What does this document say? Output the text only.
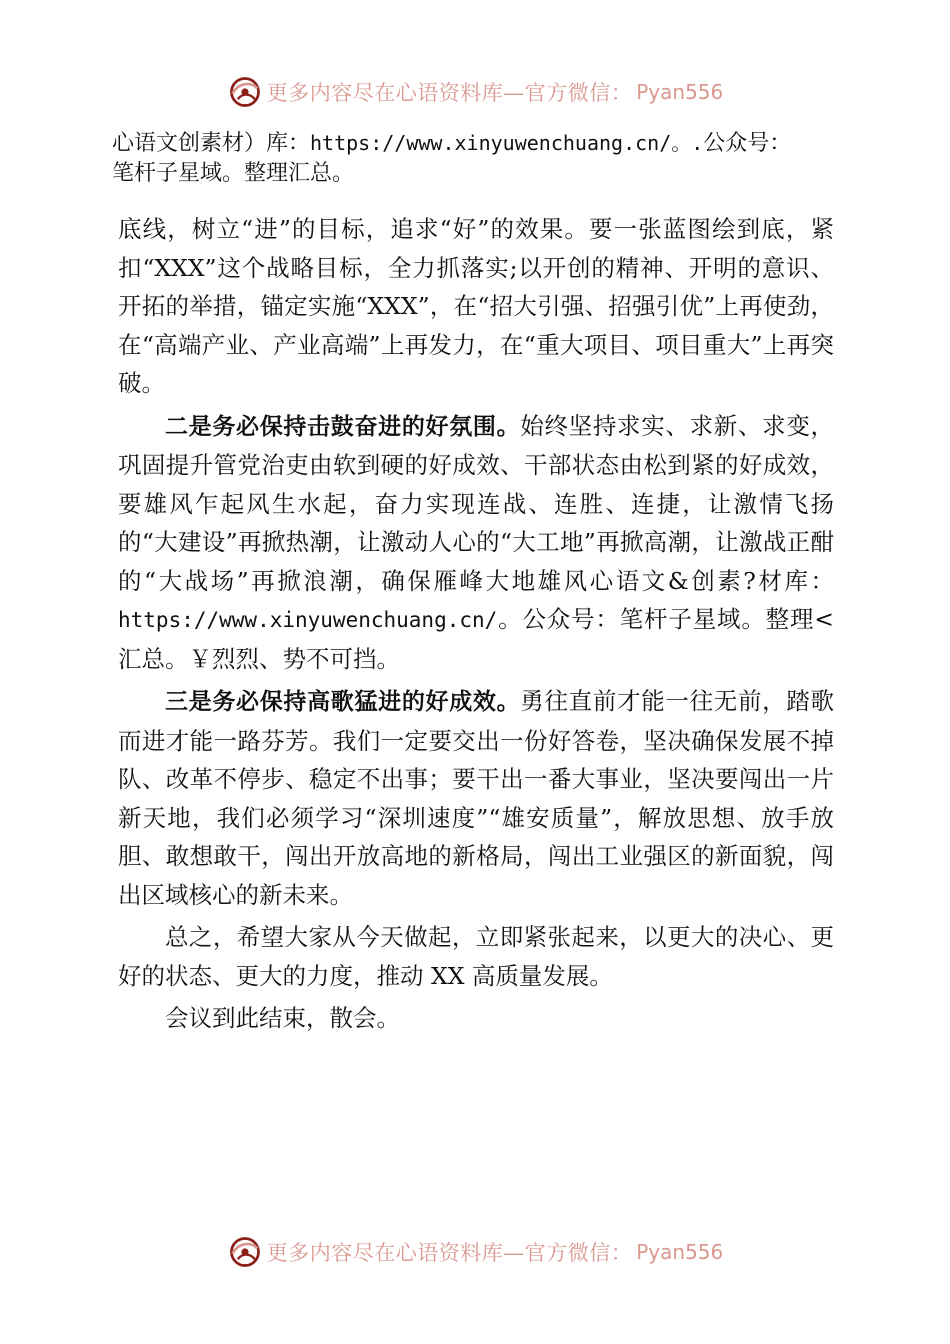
更多内容尽在心语资料库—官方微信： Pyan556
心语文创素材）库：https://www.xinyuwenchuang.cn/。.公众号：
笔杆子星域。整理汇总。

底线，树立“进”的目标，追求“好”的效果。要一张蓝图绘到底，紧扣“XXX”这个战略目标，全力抓落实;以开创的精神、开明的意识、开拓的举措，锚定实施“XXX”，在“招大引强、招强引优”上再使劲，在“高端产业、产业高端”上再发力，在“重大项目、项目重大”上再突破。

二是务必保持击鼓奋进的好氛围。始终坚持求实、求新、求变，巩固提升管党治吏由软到硬的好成效、干部状态由松到紧的好成效，要雄风乍起风生水起，奋力实现连战、连胜、连捷，让激情飞扬的“大建设”再掀热潮，让激动人心的“大工地”再掀高潮，让激战正酣的“大战场”再掀浪潮，确保雁峰大地雄风心语文&创素?材库：https://www.xinyuwenchuang.cn/。公众号：笔杆子星域。整理<汇总。￥烈烈、势不可挡。

三是务必保持高歌猛进的好成效。勇往直前才能一往无前，踏歌而进才能一路芬芳。我们一定要交出一份好答卷，坚决确保发展不掉队、改革不停步、稳定不出事；要干出一番大事业，坚决要闯出一片新天地，我们必须学习“深圳速度”“雄安质量”，解放思想、放手放胆、敢想敢干，闯出开放高地的新格局，闯出工业强区的新面貌，闯出区域核心的新未来。

总之，希望大家从今天做起，立即紧张起来，以更大的决心、更好的状态、更大的力度，推动 XX 高质量发展。

会议到此结束，散会。

更多内容尽在心语资料库—官方微信： Pyan556
